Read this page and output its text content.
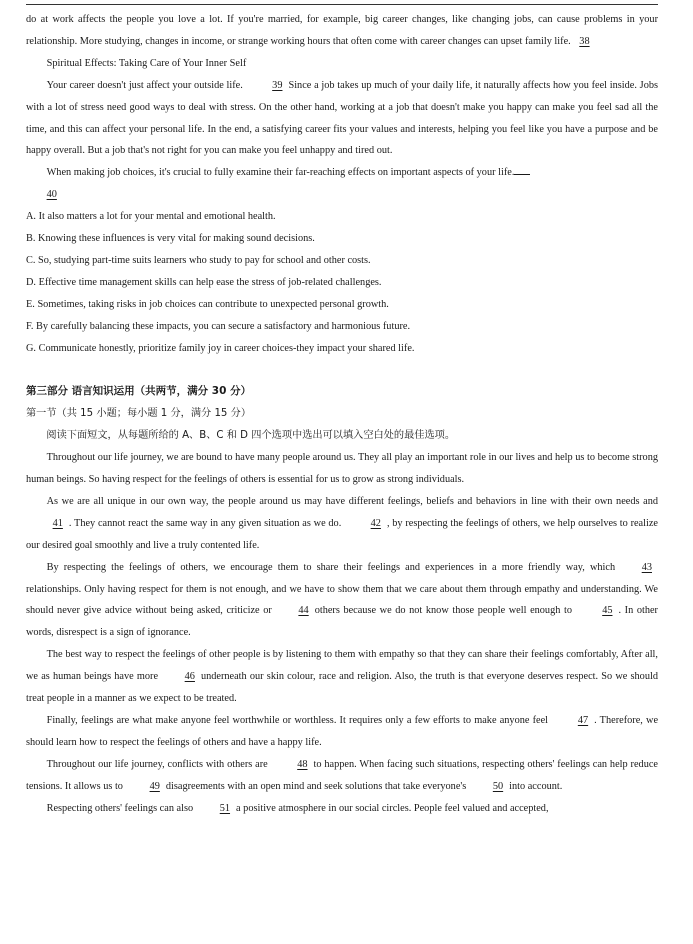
do at work affects the people you love a lot. If you're married, for example, big career changes, like changing jobs, can cause problems in your relationship. More studying, changes in income, or strange working hours that often come with career changes can upset family life. 38

Spiritual Effects: Taking Care of Your Inner Self

Your career doesn't just affect your outside life.	39 Since a job takes up much of your daily life, it naturally affects how you feel inside. Jobs with a lot of stress need good ways to deal with stress. On the other hand, working at a job that doesn't make you happy can make you feel sad all the time, and this can affect your personal life. In the end, a satisfying career fits your values and interests, helping you feel like you have a purpose and be happy overall. But a job that's not right for you can make you feel unhappy and tired out.

When making job choices, it's crucial to fully examine their far-reaching effects on important aspects of your life.
40

A. It also matters a lot for your mental and emotional health.

B. Knowing these influences is very vital for making sound decisions.

C. So, studying part-time suits learners who study to pay for school and other costs.

D. Effective time management skills can help ease the stress of job-related challenges.

E. Sometimes, taking risks in job choices can contribute to unexpected personal growth.

F. By carefully balancing these impacts, you can secure a satisfactory and harmonious future.

G. Communicate honestly, prioritize family joy in career choices-they impact your shared life.

第三部分 语言知识运用（共两节，满分 30 分）

第一节（共 15 小题；每小题 1 分，满分 15 分）

阅读下面短文，从每题所给的 A、B、C 和 D 四个选项中选出可以填入空白处的最佳选项。

Throughout our life journey, we are bound to have many people around us. They all play an important role in our lives and help us to become strong human beings. So having respect for the feelings of others is essential for us to grow as strong individuals.

As we are all unique in our own way, the people around us may have different feelings, beliefs and behaviors in line with their own needs and41 . They cannot react the same way in any given situation as we do.	42 , by respecting the feelings of others, we help ourselves to realize our desired goal smoothly and live a truly contented life.

By respecting the feelings of others, we encourage them to share their feelings and experiences in a more friendly way, which	43 relationships. Only having respect for them is not enough, and we have to show them that we care about them through empathy and understanding. We should never give advice without being asked, criticize or	44 others because we do not know those people well enough to	45 . In other words, disrespect is a sign of ignorance.

The best way to respect the feelings of other people is by listening to them with empathy so that they can share their feelings comfortably, After all, we as human beings have more	46 underneath our skin colour, race and religion. Also, the truth is that everyone deserves respect. So we should treat people in a manner as we expect to be treated.

Finally, feelings are what make anyone feel worthwhile or worthless. It requires only a few efforts to make anyone feel	47 . Therefore, we should learn how to respect the feelings of others and have a happy life.

Throughout our life journey, conflicts with others are	48 to happen. When facing such situations, respecting others' feelings can help reduce tensions. It allows us to	49 disagreements with an open mind and seek solutions that take everyone's	50 into account.

Respecting others' feelings can also	51 a positive atmosphere in our social circles. People feel valued and accepted,
